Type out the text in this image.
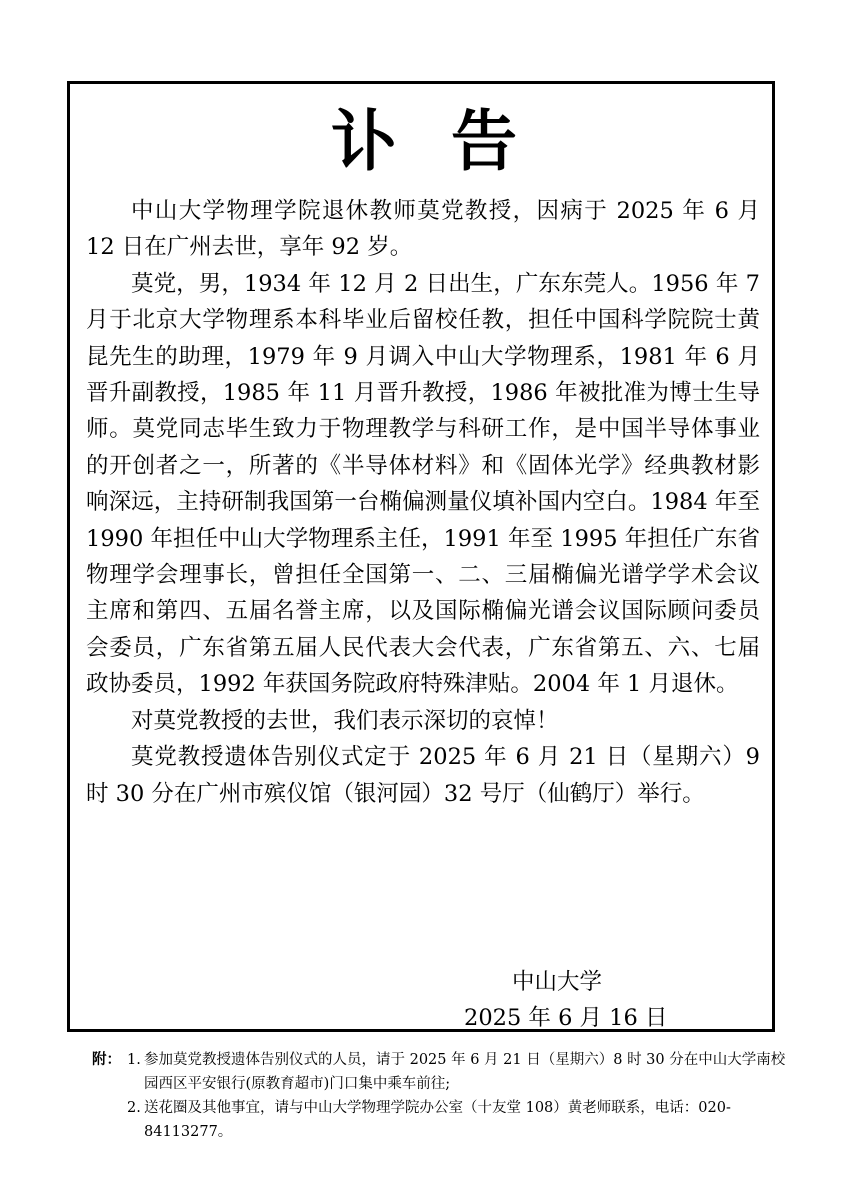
讣告

中山大学物理学院退休教师莫党教授，因病于 2025 年 6 月 12 日在广州去世，享年 92 岁。

莫党，男，1934 年 12 月 2 日出生，广东东莞人。1956 年 7 月于北京大学物理系本科毕业后留校任教，担任中国科学院院士黄昆先生的助理，1979 年 9 月调入中山大学物理系，1981 年 6 月晋升副教授，1985 年 11 月晋升教授，1986 年被批准为博士生导师。莫党同志毕生致力于物理教学与科研工作，是中国半导体事业的开创者之一，所著的《半导体材料》和《固体光学》经典教材影响深远，主持研制我国第一台椭偏测量仪填补国内空白。1984 年至 1990 年担任中山大学物理系主任，1991 年至 1995 年担任广东省物理学会理事长，曾担任全国第一、二、三届椭偏光谱学学术会议主席和第四、五届名誉主席，以及国际椭偏光谱会议国际顾问委员会委员，广东省第五届人民代表大会代表，广东省第五、六、七届政协委员，1992 年获国务院政府特殊津贴。2004 年 1 月退休。

对莫党教授的去世，我们表示深切的哀悼！

莫党教授遗体告别仪式定于 2025 年 6 月 21 日（星期六）9 时 30 分在广州市殡仪馆（银河园）32 号厅（仙鹤厅）举行。

中山大学
2025 年 6 月 16 日
附： 1. 参加莫党教授遗体告别仪式的人员，请于 2025 年 6 月 21 日（星期六）8 时 30 分在中山大学南校园西区平安银行(原教育超市)门口集中乘车前往;
2. 送花圈及其他事宜，请与中山大学物理学院办公室（十友堂 108）黄老师联系，电话：020-84113277。
